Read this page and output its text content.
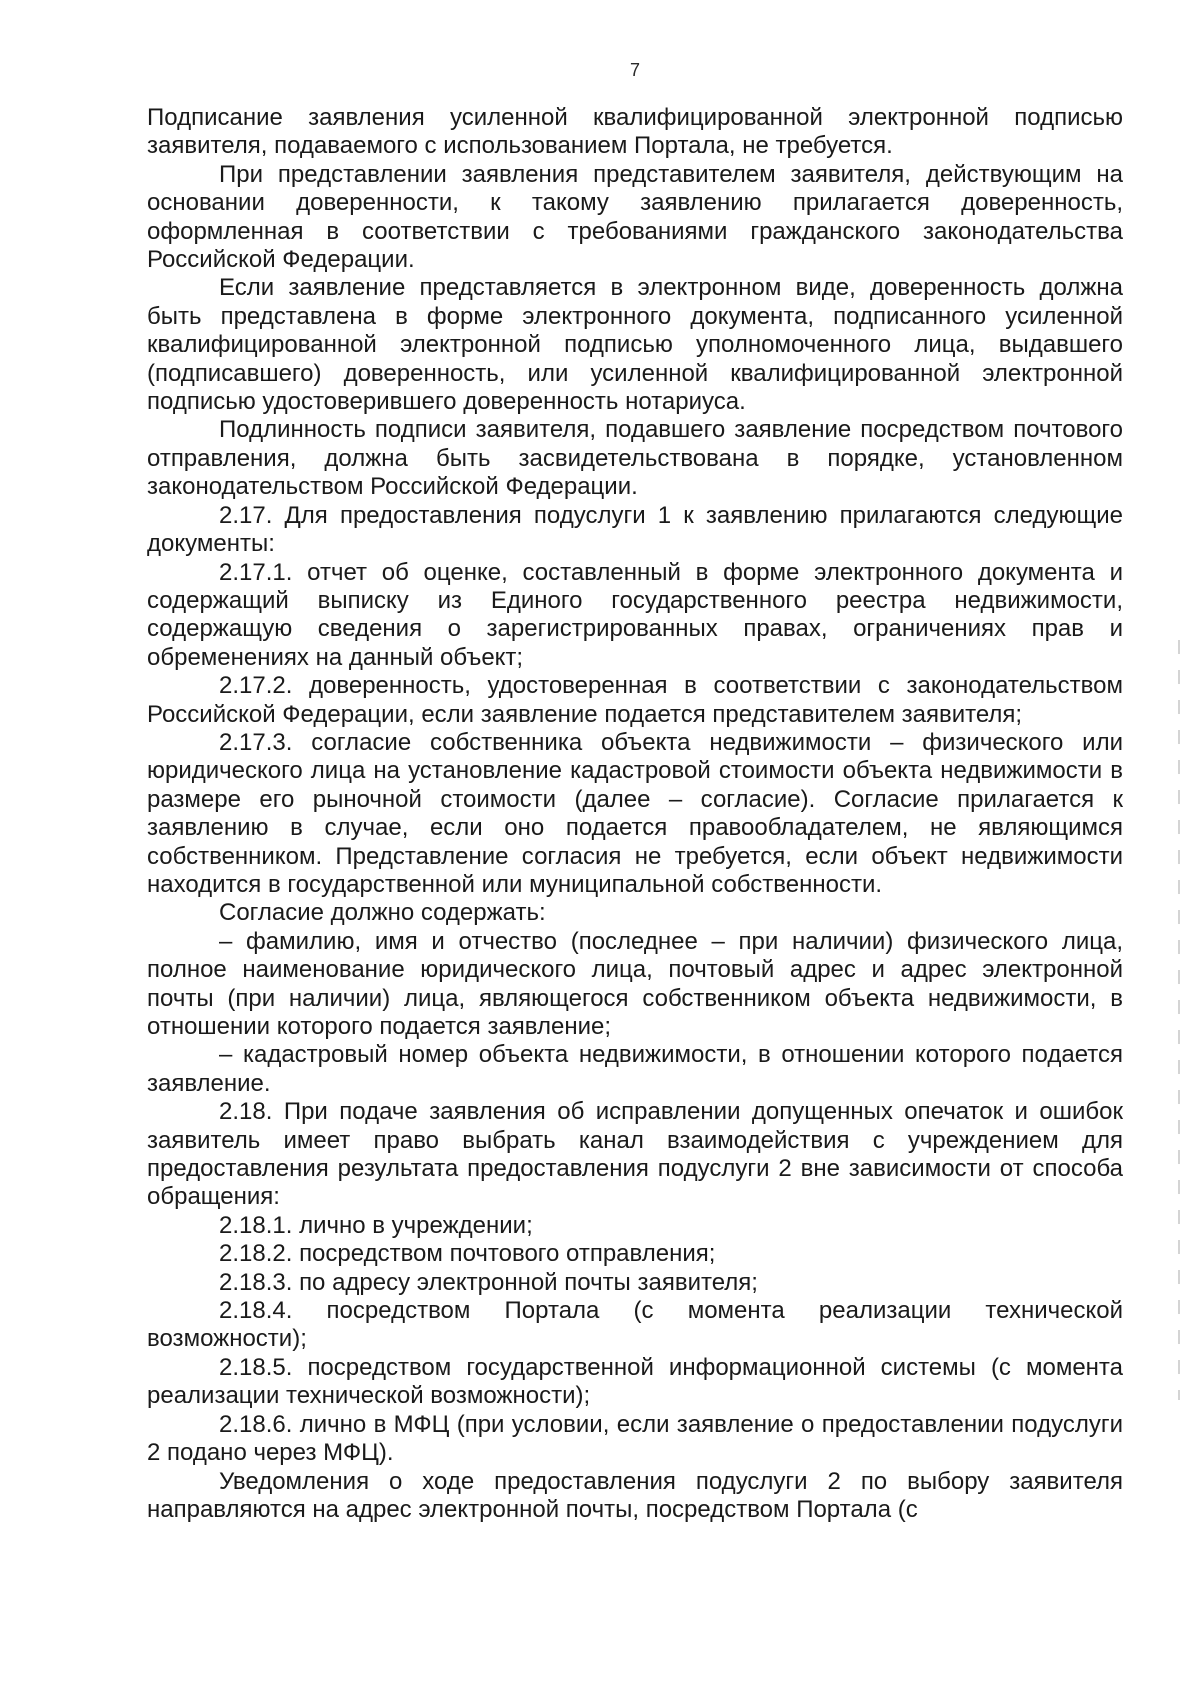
7

Подписание заявления усиленной квалифицированной электронной подписью заявителя, подаваемого с использованием Портала, не требуется.

При представлении заявления представителем заявителя, действующим на основании доверенности, к такому заявлению прилагается доверенность, оформленная в соответствии с требованиями гражданского законодательства Российской Федерации.

Если заявление представляется в электронном виде, доверенность должна быть представлена в форме электронного документа, подписанного усиленной квалифицированной электронной подписью уполномоченного лица, выдавшего (подписавшего) доверенность, или усиленной квалифицированной электронной подписью удостоверившего доверенность нотариуса.

Подлинность подписи заявителя, подавшего заявление посредством почтового отправления, должна быть засвидетельствована в порядке, установленном законодательством Российской Федерации.

2.17. Для предоставления подуслуги 1 к заявлению прилагаются следующие документы:

2.17.1. отчет об оценке, составленный в форме электронного документа и содержащий выписку из Единого государственного реестра недвижимости, содержащую сведения о зарегистрированных правах, ограничениях прав и обременениях на данный объект;

2.17.2. доверенность, удостоверенная в соответствии с законодательством Российской Федерации, если заявление подается представителем заявителя;

2.17.3. согласие собственника объекта недвижимости – физического или юридического лица на установление кадастровой стоимости объекта недвижимости в размере его рыночной стоимости (далее – согласие). Согласие прилагается к заявлению в случае, если оно подается правообладателем, не являющимся собственником. Представление согласия не требуется, если объект недвижимости находится в государственной или муниципальной собственности.

Согласие должно содержать:

– фамилию, имя и отчество (последнее – при наличии) физического лица, полное наименование юридического лица, почтовый адрес и адрес электронной почты (при наличии) лица, являющегося собственником объекта недвижимости, в отношении которого подается заявление;

– кадастровый номер объекта недвижимости, в отношении которого подается заявление.

2.18. При подаче заявления об исправлении допущенных опечаток и ошибок заявитель имеет право выбрать канал взаимодействия с учреждением для предоставления результата предоставления подуслуги 2 вне зависимости от способа обращения:

2.18.1. лично в учреждении;

2.18.2. посредством почтового отправления;

2.18.3. по адресу электронной почты заявителя;

2.18.4. посредством Портала (с момента реализации технической возможности);

2.18.5. посредством государственной информационной системы (с момента реализации технической возможности);

2.18.6. лично в МФЦ (при условии, если заявление о предоставлении подуслуги 2 подано через МФЦ).

Уведомления о ходе предоставления подуслуги 2 по выбору заявителя направляются на адрес электронной почты, посредством Портала (с
